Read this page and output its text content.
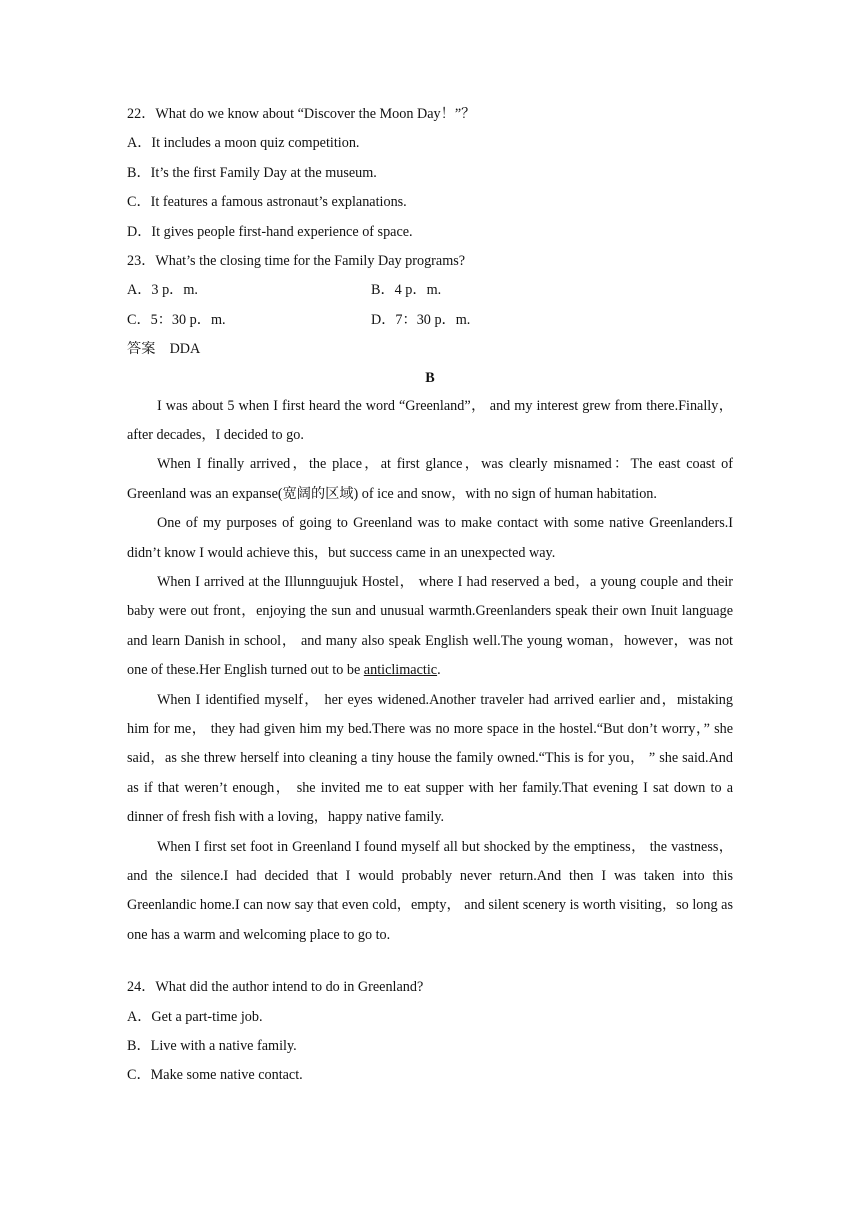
22．What do we know about “Discover the Moon Day！”？
A．It includes a moon quiz competition.
B．It’s the first Family Day at the museum.
C．It features a famous astronaut’s explanations.
D．It gives people first-hand experience of space.
23．What’s the closing time for the Family Day programs?
A．3 p．m.	B．4 p．m.
C．5：30 p．m.	D．7：30 p．m.
答案　DDA
B

I was about 5 when I first heard the word “Greenland”， and my interest grew from there.Finally，after decades，I decided to go.

When I finally arrived，the place，at first glance，was clearly misnamed：The east coast of Greenland was an expanse(宽阔的区域) of ice and snow，with no sign of human habitation.

One of my purposes of going to Greenland was to make contact with some native Greenlanders.I didn’t know I would achieve this，but success came in an unexpected way.

When I arrived at the Illunnguujuk Hostel， where I had reserved a bed，a young couple and their baby were out front，enjoying the sun and unusual warmth.Greenlanders speak their own Inuit language and learn Danish in school， and many also speak English well.The young woman，however，was not one of these.Her English turned out to be anticlimactic.

When I identified myself， her eyes widened.Another traveler had arrived earlier and，mistaking him for me， they had given him my bed.There was no more space in the hostel.“But don’t worry，” she said，as she threw herself into cleaning a tiny house the family owned.“This is for you， ” she said.And as if that weren’t enough， she invited me to eat supper with her family.That evening I sat down to a dinner of fresh fish with a loving，happy native family.

When I first set foot in Greenland I found myself all but shocked by the emptiness， the vastness，and the silence.I had decided that I would probably never return.And then I was taken into this Greenlandic home.I can now say that even cold，empty， and silent scenery is worth visiting，so long as one has a warm and welcoming place to go to.

24．What did the author intend to do in Greenland?
A．Get a part-time job.
B．Live with a native family.
C．Make some native contact.
